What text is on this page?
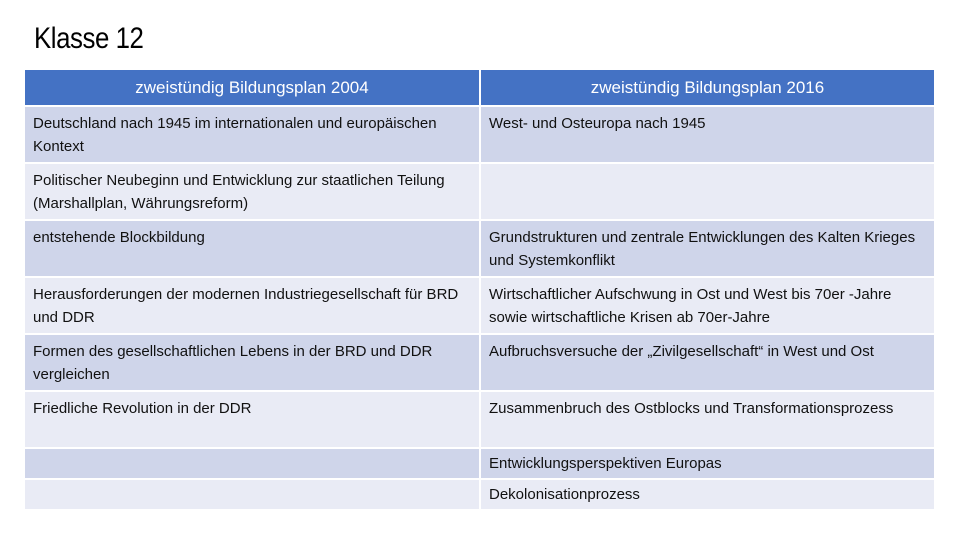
Klasse 12
zweistündig Bildungsplan 2004	zweistündig Bildungsplan 2016
Deutschland nach 1945 im internationalen und europäischen Kontext	West- und Osteuropa nach 1945
Politischer Neubeginn und Entwicklung zur staatlichen Teilung (Marshallplan, Währungsreform)	
entstehende Blockbildung	Grundstrukturen und zentrale Entwicklungen des Kalten Krieges und Systemkonflikt
Herausforderungen der modernen Industriegesellschaft für BRD und DDR	Wirtschaftlicher Aufschwung in Ost und West bis 70er -Jahre sowie wirtschaftliche Krisen ab 70er-Jahre
Formen des gesellschaftlichen Lebens in der BRD und DDR vergleichen	Aufbruchsversuche der „Zivilgesellschaft“ in West und Ost
Friedliche Revolution in der DDR	Zusammenbruch des Ostblocks und Transformationsprozess
	Entwicklungsperspektiven Europas
	Dekolonisationprozess
